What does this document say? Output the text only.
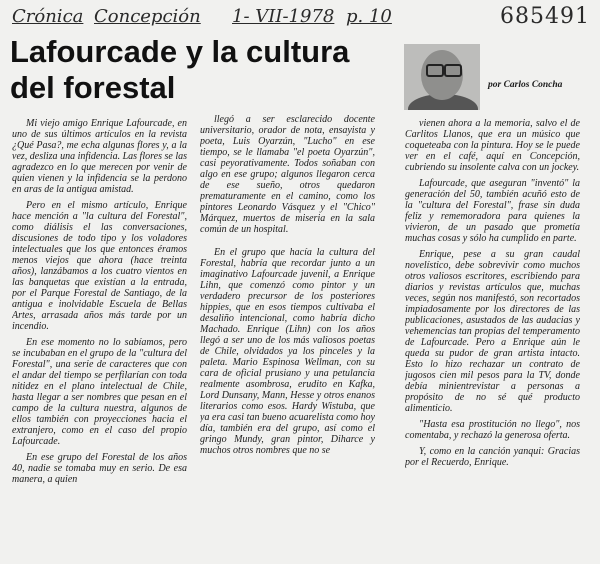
Crónica Concepción 1- VII-1978 p. 10	685491
Lafourcade y la cultura del forestal	por Carlos Concha

Mi viejo amigo Enrique Lafourcade, en uno de sus últimos artículos en la revista ¿Qué Pasa?, me echa algunas flores y, a la vez, desliza una infidencia. Las flores se las agradezco en lo que merecen por venir de quien vienen y la infidencia se la perdono en aras de la antigua amistad.

Pero en el mismo artículo, Enrique hace mención a "la cultura del Forestal", como diálisis el las conversaciones, discusiones de todo tipo y los voladores intelectuales que los que entonces éramos menos viejos que ahora (hace treinta años), lanzábamos a los cuatro vientos en las banquetas que existían a la entrada, por el Parque Forestal de Santiago, de la antigua e inolvidable Escuela de Bellas Artes, arrasada años más tarde por un incendio.

En ese momento no lo sabíamos, pero se incubaban en el grupo de la "cultura del Forestal", una serie de caracteres que con el andar del tiempo se perfilarían con toda nitidez en el plano intelectual de Chile, hasta llegar a ser nombres que pesan en el campo de la cultura nuestra, algunos de ellos también con proyecciones hacia el extranjero, como en el caso del propio Lafourcade.

En ese grupo del Forestal de los años 40, nadie se tomaba muy en serio. De esa manera, a quien

llegó a ser esclarecido docente universitario, orador de nota, ensayista y poeta, Luis Oyarzún, "Lucho" en ese tiempo, se le llamaba "el poeta Oyarzún", casi peyorativamente. Todos soñaban con algo en ese grupo; algunos llegaron cerca de ese sueño, otros quedaron prematuramente en el camino, como los pintores Leonardo Vásquez y el "Chico" Márquez, muertos de miseria en la sala común de un hospital.

En el grupo que hacía la cultura del Forestal, habría que recordar junto a un imaginativo Lafourcade juvenil, a Enrique Lihn, que comenzó como pintor y un verdadero precursor de los posteriores hippies, que en esos tiempos cultivaba el desaliño intencional, como habría dicho Machado. Enrique (Lihn) con los años llegó a ser uno de los más valiosos poetas de Chile, olvidados ya los pinceles y la paleta. Mario Espinosa Wellman, con su cara de oficial prusiano y una petulancia realmente asombrosa, erudito en Kafka, Lord Dunsany, Mann, Hesse y otros enanos literarios como esos. Hardy Wistuba, que ya era casi tan bueno acuarelista como hoy día, también era del grupo, así como el gringo Mundy, gran pintor, Diharce y muchos otros nombres que no se

vienen ahora a la memoria, salvo el de Carlitos Llanos, que era un músico que coqueteaba con la pintura. Hoy se le puede ver en el café, aquí en Concepción, cubriendo su insolente calva con un jockey.

Lafourcade, que aseguran "inventó" la generación del 50, también acuñó esto de la "cultura del Forestal", frase sin duda feliz y rememoradora para quienes la vivieron, de un pasado que prometía muchas cosas y sólo ha cumplido en parte.

Enrique, pese a su gran caudal novelístico, debe sobrevivir como muchos otros valiosos escritores, escribiendo para diarios y revistas artículos que, muchas veces, según nos manifestó, son recortados impiadosamente por los directores de las publicaciones, asustados de las audacias y vehemencias tan propias del temperamento de Lafourcade. Pero a Enrique aún le queda su pudor de gran artista intacto. Esto lo hizo rechazar un contrato de jugosos cien mil pesos para la TV, donde debía minientrevistar a personas a propósito de no sé qué producto alimenticio.

"Hasta esa prostitución no llego", nos comentaba, y rechazó la generosa oferta.

Y, como en la canción yanqui: Gracias por el Recuerdo, Enrique.
